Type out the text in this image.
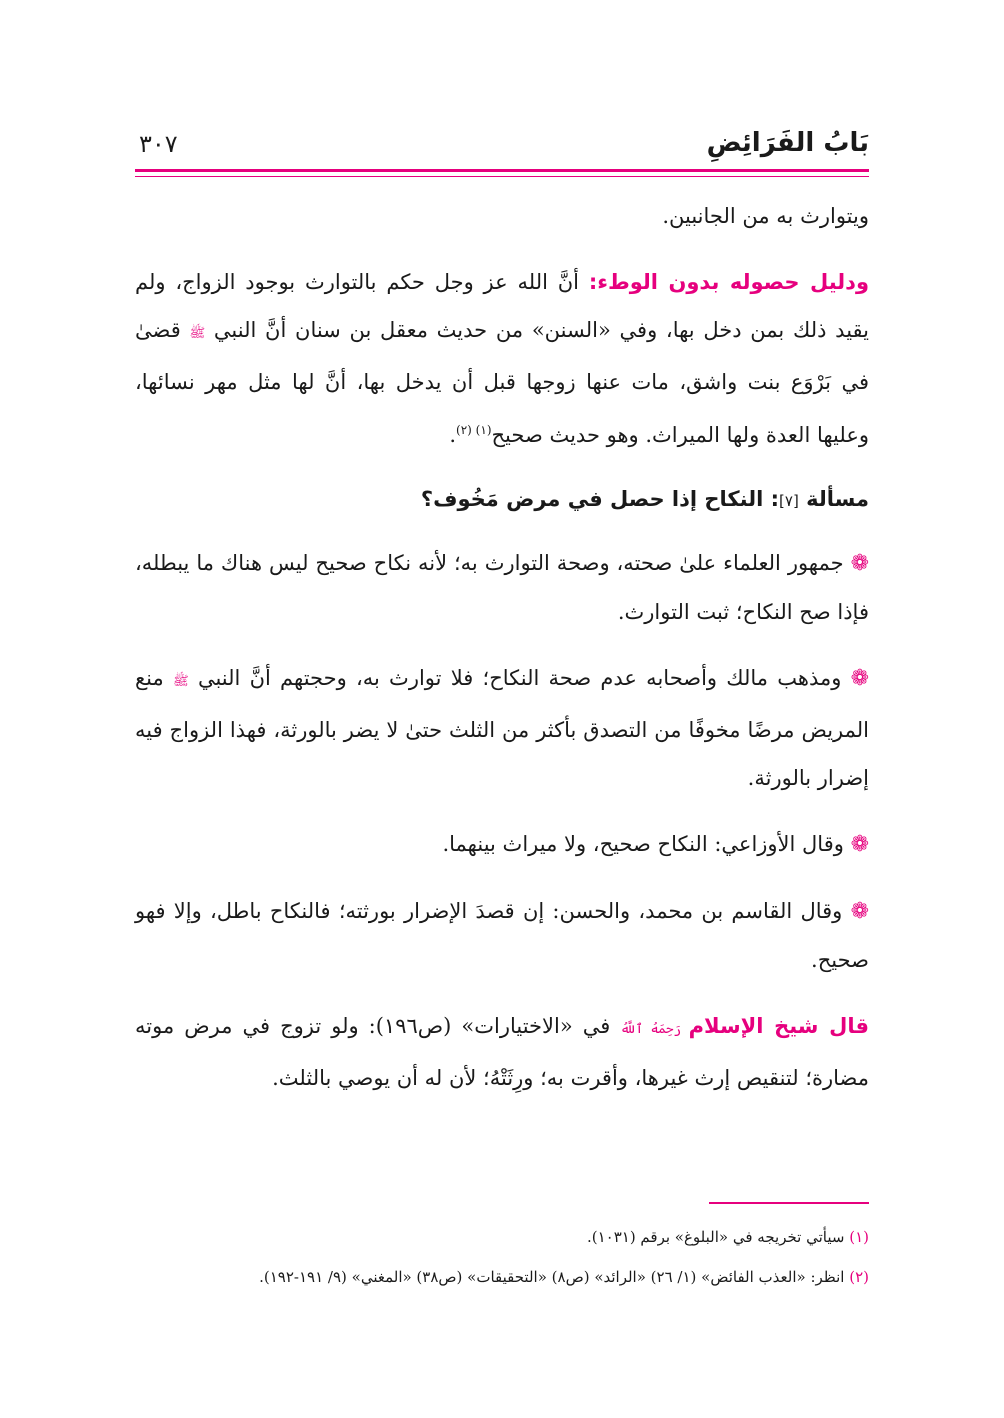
بَابُ الفَرَائِضِ
٣٠٧

ويتوارث به من الجانبين.

ودليل حصوله بدون الوطء: أنَّ الله عز وجل حكم بالتوارث بوجود الزواج، ولم يقيد ذلك بمن دخل بها، وفي «السنن» من حديث معقل بن سنان أنَّ النبي ﷺ قضىٰ في بَرْوَع بنت واشق، مات عنها زوجها قبل أن يدخل بها، أنَّ لها مثل مهر نسائها، وعليها العدة ولها الميراث. وهو حديث صحيح$^{(١) (٢)}$.

مسألة [٧]: النكاح إذا حصل في مرض مَخُوف؟

❁ جمهور العلماء علىٰ صحته، وصحة التوارث به؛ لأنه نكاح صحيح ليس هناك ما يبطله، فإذا صح النكاح؛ ثبت التوارث.

❁ ومذهب مالك وأصحابه عدم صحة النكاح؛ فلا توارث به، وحجتهم أنَّ النبي ﷺ منع المريض مرضًا مخوفًا من التصدق بأكثر من الثلث حتىٰ لا يضر بالورثة، فهذا الزواج فيه إضرار بالورثة.

❁ وقال الأوزاعي: النكاح صحيح، ولا ميراث بينهما.

❁ وقال القاسم بن محمد، والحسن: إن قصدَ الإضرار بورثته؛ فالنكاح باطل، وإلا فهو صحيح.

قال شيخ الإسلام رَحِمَهُ ٱللَّهُ في «الاختيارات» (ص١٩٦): ولو تزوج في مرض موته مضارة؛ لتنقيص إرث غيرها، وأقرت به؛ ورِثَتْهُ؛ لأن له أن يوصي بالثلث.

(١) سيأتي تخريجه في «البلوغ» برقم (١٠٣١).

(٢) انظر: «العذب الفائض» (١/ ٢٦) «الرائد» (ص٨) «التحقيقات» (ص٣٨) «المغني» (٩/ ١٩١-١٩٢).
